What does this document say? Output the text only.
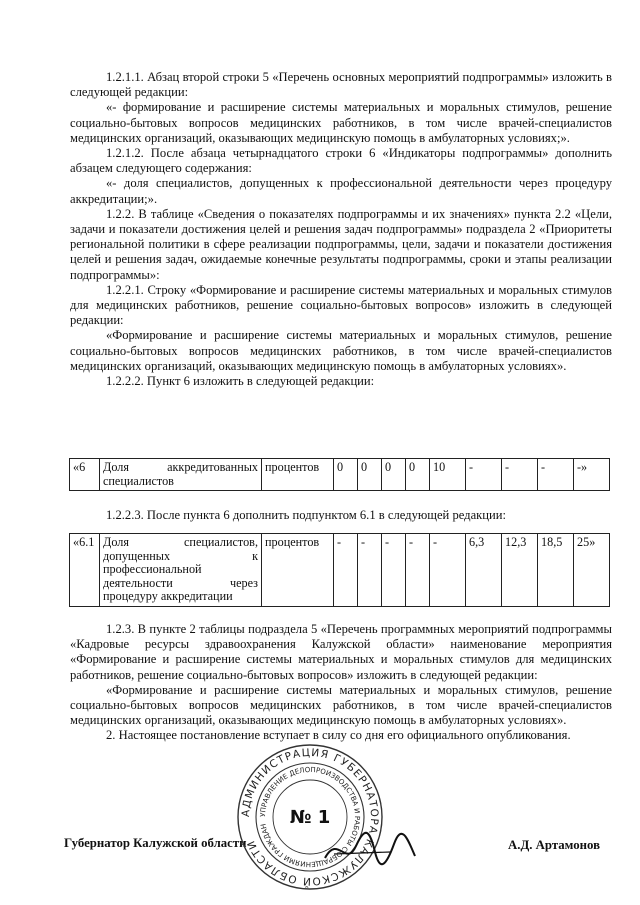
1.2.1.1. Абзац второй строки 5 «Перечень основных мероприятий подпрограммы» изложить в следующей редакции:

«- формирование и расширение системы материальных и моральных стимулов, решение социально-бытовых вопросов медицинских работников, в том числе врачей-специалистов медицинских организаций, оказывающих медицинскую помощь в амбулаторных условиях;».

1.2.1.2. После абзаца четырнадцатого строки 6 «Индикаторы подпрограммы» дополнить абзацем следующего содержания:

«- доля специалистов, допущенных к профессиональной деятельности через процедуру аккредитации;».

1.2.2. В таблице «Сведения о показателях подпрограммы и их значениях» пункта 2.2 «Цели, задачи и показатели достижения целей и решения задач подпрограммы» подраздела 2 «Приоритеты региональной политики в сфере реализации подпрограммы, цели, задачи и показатели достижения целей и решения задач, ожидаемые конечные результаты подпрограммы, сроки и этапы реализации подпрограммы»:

1.2.2.1. Строку «Формирование и расширение системы материальных и моральных стимулов для медицинских работников, решение социально-бытовых вопросов» изложить в следующей редакции:

«Формирование и расширение системы материальных и моральных стимулов, решение социально-бытовых вопросов медицинских работников, в том числе врачей-специалистов медицинских организаций, оказывающих медицинскую помощь в амбулаторных условиях».

1.2.2.2. Пункт 6 изложить в следующей редакции:

«6	Доля аккредитованных специалистов	процентов	0	0	0	0	10	-	-	-	-»

1.2.2.3. После пункта 6 дополнить подпунктом 6.1 в следующей редакции:

«6.1	Доля специалистов, допущенных к профессиональной деятельности через процедуру аккредитации	процентов	-	-	-	-	-	6,3	12,3	18,5	25»

1.2.3. В пункте 2 таблицы подраздела 5 «Перечень программных мероприятий подпрограммы «Кадровые ресурсы здравоохранения Калужской области» наименование мероприятия «Формирование и расширение системы материальных и моральных стимулов для медицинских работников, решение социально-бытовых вопросов» изложить в следующей редакции:

«Формирование и расширение системы материальных и моральных стимулов, решение социально-бытовых вопросов медицинских работников, в том числе врачей-специалистов медицинских организаций, оказывающих медицинскую помощь в амбулаторных условиях».

2. Настоящее постановление вступает в силу со дня его официального опубликования.

Губернатор Калужской области	А.Д. Артамонов
АДМИНИСТРАЦИЯ ГУБЕРНАТОРА КАЛУЖСКОЙ ОБЛАСТИ
УПРАВЛЕНИЕ ДЕЛОПРОИЗВОДСТВА И РАБОТЫ С ОБРАЩЕНИЯМИ ГРАЖДАН	№ 1
